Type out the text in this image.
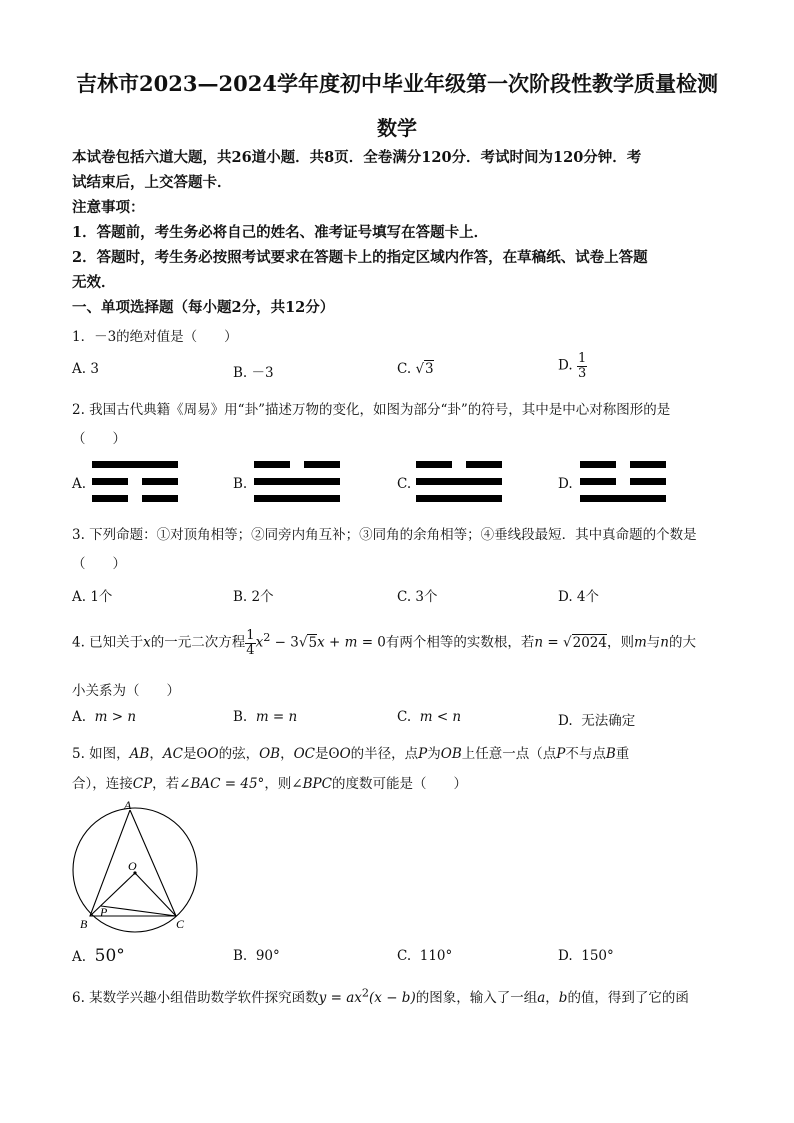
吉林市2023—2024学年度初中毕业年级第一次阶段性教学质量检测
数学
本试卷包括六道大题，共26道小题．共8页．全卷满分120分．考试时间为120分钟．考
试结束后，上交答题卡．
注意事项：
1．答题前，考生务必将自己的姓名、准考证号填写在答题卡上．
2．答题时，考生务必按照考试要求在答题卡上的指定区域内作答，在草稿纸、试卷上答题
无效．
一、单项选择题（每小题2分，共12分）
1．－3的绝对值是（　　）
A. 3	B. －3	C. √3	D. $\frac{1}{3}$
2. 我国古代典籍《周易》用“卦”描述万物的变化，如图为部分“卦”的符号，其中是中心对称图形的是
（　　）
A.	B.	C.	D.
3. 下列命题：①对顶角相等；②同旁内角互补；③同角的余角相等；④垂线段最短．其中真命题的个数是
（　　）
A. 1个	B. 2个	C. 3个	D. 4个
4. 已知关于x的一元二次方程 $\frac{1}{4} x^2 - 3√5x + m = 0$有两个相等的实数根，若n = √2024，则m与n的大
小关系为（　　）
A. m > n	B. m = n	C. m < n	D. 无法确定
5. 如图，AB，AC是ʘO的弦，OB，OC是ʘO的半径，点P为OB上任意一点（点P不与点B重
合），连接CP，若∠BAC = 45°，则∠BPC的度数可能是（　　）
A
O
P
B	C
A. 50°	B. 90°	C. 110°	D. 150°
6. 某数学兴趣小组借助数学软件探究函数$y = ax^2(x - b)$的图象，输入了一组a，b的值，得到了它的函
